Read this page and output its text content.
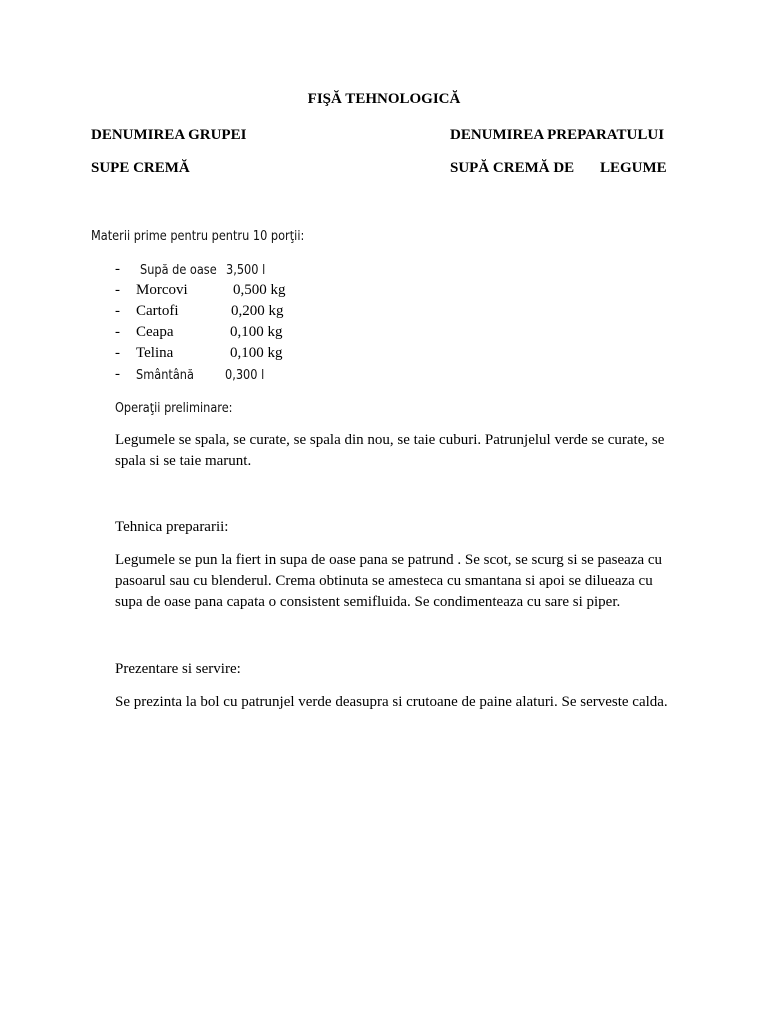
FIŞĂ TEHNOLOGICĂ
DENUMIREA GRUPEI	DENUMIREA PREPARATULUI
SUPE CREMĂ	SUPĂ CREMĂ DE LEGUME
Materii prime pentru pentru 10 porţii:
- Supă de oase 3,500 l
- Morcovi	0,500 kg
- Cartofi	0,200 kg
- Ceapa	0,100 kg
- Telina	0,100 kg
- Smântână 0,300 l
Operaţii preliminare:
Legumele se spala, se curate, se spala din nou, se taie cuburi. Patrunjelul verde se curate, se spala si se taie marunt.
Tehnica prepararii:
Legumele se pun la fiert in supa de oase pana se patrund . Se scot, se scurg si se paseaza cu pasoarul sau cu blenderul. Crema obtinuta se amesteca cu smantana si apoi se dilueaza cu supa de oase pana capata o consistent semifluida. Se condimenteaza cu sare si piper.
Prezentare si servire:
Se prezinta la bol cu patrunjel verde deasupra si crutoane de paine alaturi. Se serveste calda.
